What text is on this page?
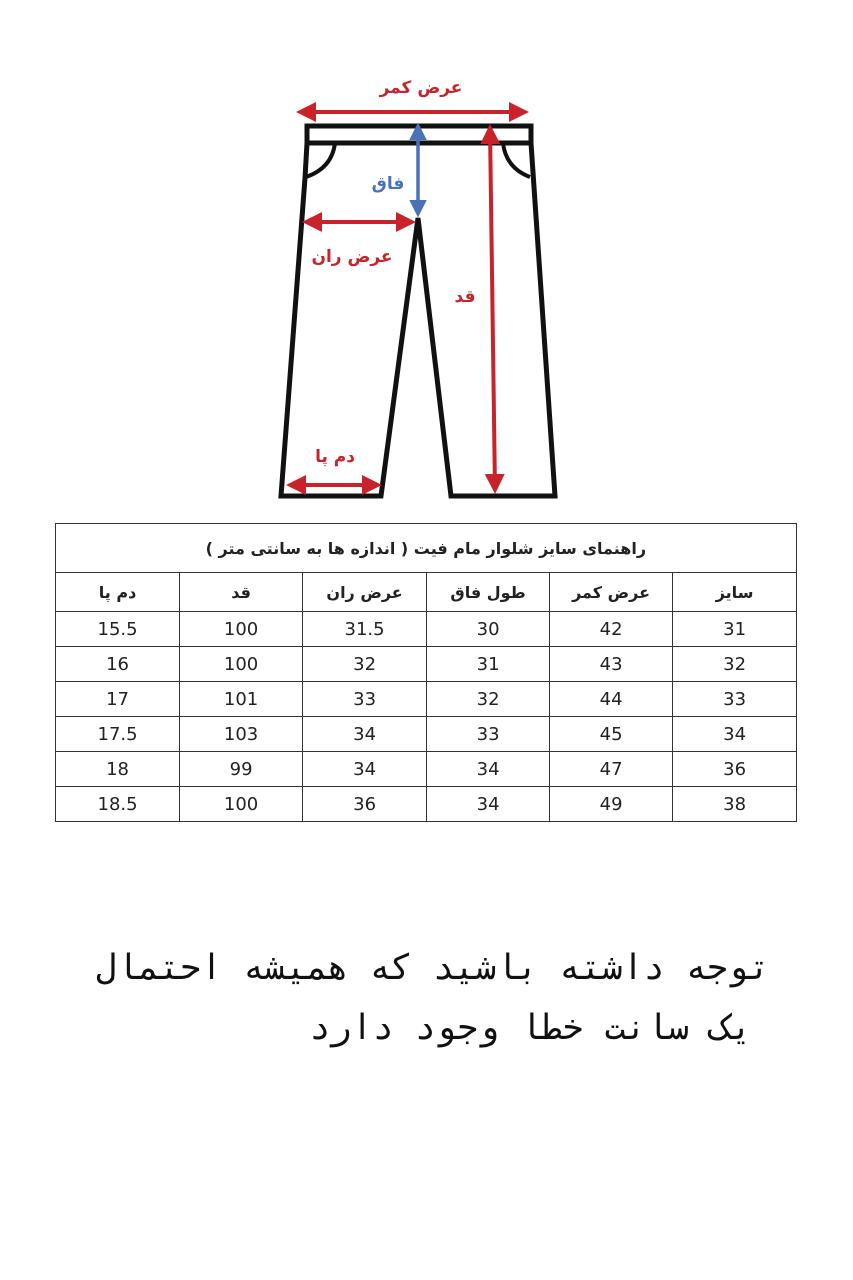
عرض کمر
فاق
عرض ران
قد
دم پا
راهنمای سایز شلوار مام فیت ( اندازه ها به سانتی متر )					
سایز	عرض کمر	طول فاق	عرض ران	قد	دم پا
31	42	30	31.5	100	15.5
32	43	31	32	100	16
33	44	32	33	101	17
34	45	33	34	103	17.5
36	47	34	34	99	18
38	49	34	36	100	18.5
توجه داشته باشید که همیشه احتمال
یک سانت خطا وجود دارد
